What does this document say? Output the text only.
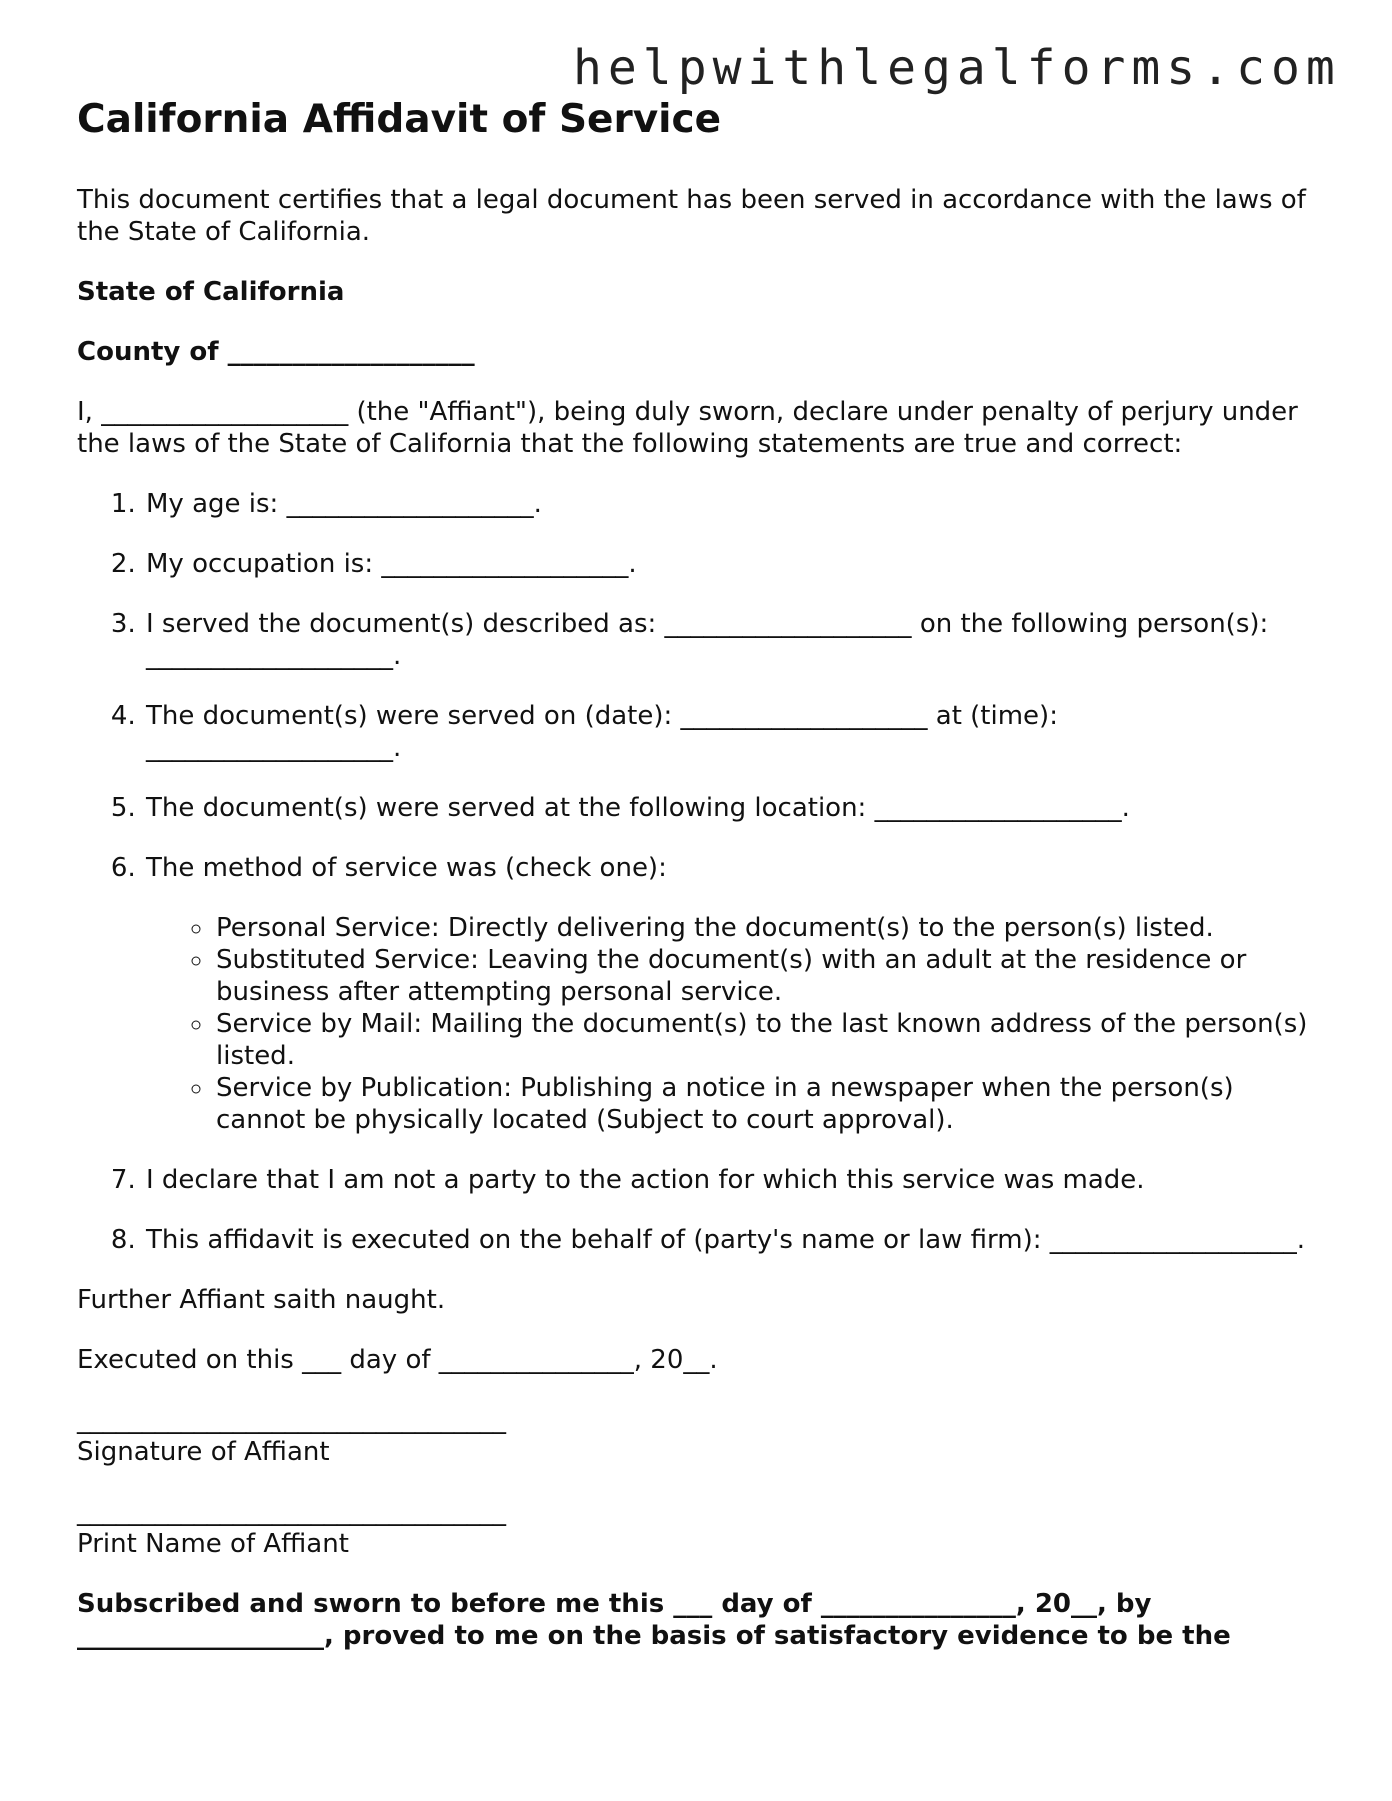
helpwithlegalforms.com
California Affidavit of Service

This document certifies that a legal document has been served in accordance with the laws of the State of California.

State of California

County of ___________________

I, ___________________ (the "Affiant"), being duly sworn, declare under penalty of perjury under the laws of the State of California that the following statements are true and correct:

1. My age is: ___________________.
2. My occupation is: ___________________.
3. I served the document(s) described as: ___________________ on the following person(s): ___________________.
4. The document(s) were served on (date): ___________________ at (time): ___________________.
5. The document(s) were served at the following location: ___________________.
6. The method of service was (check one):
◦ Personal Service: Directly delivering the document(s) to the person(s) listed.
◦ Substituted Service: Leaving the document(s) with an adult at the residence or business after attempting personal service.
◦ Service by Mail: Mailing the document(s) to the last known address of the person(s) listed.
◦ Service by Publication: Publishing a notice in a newspaper when the person(s) cannot be physically located (Subject to court approval).
7. I declare that I am not a party to the action for which this service was made.
8. This affidavit is executed on the behalf of (party's name or law firm): ___________________.

Further Affiant saith naught.

Executed on this ___ day of _______________, 20__.

_________________________________
Signature of Affiant
_________________________________
Print Name of Affiant

Subscribed and sworn to before me this ___ day of _______________, 20__, by ___________________, proved to me on the basis of satisfactory evidence to be the
